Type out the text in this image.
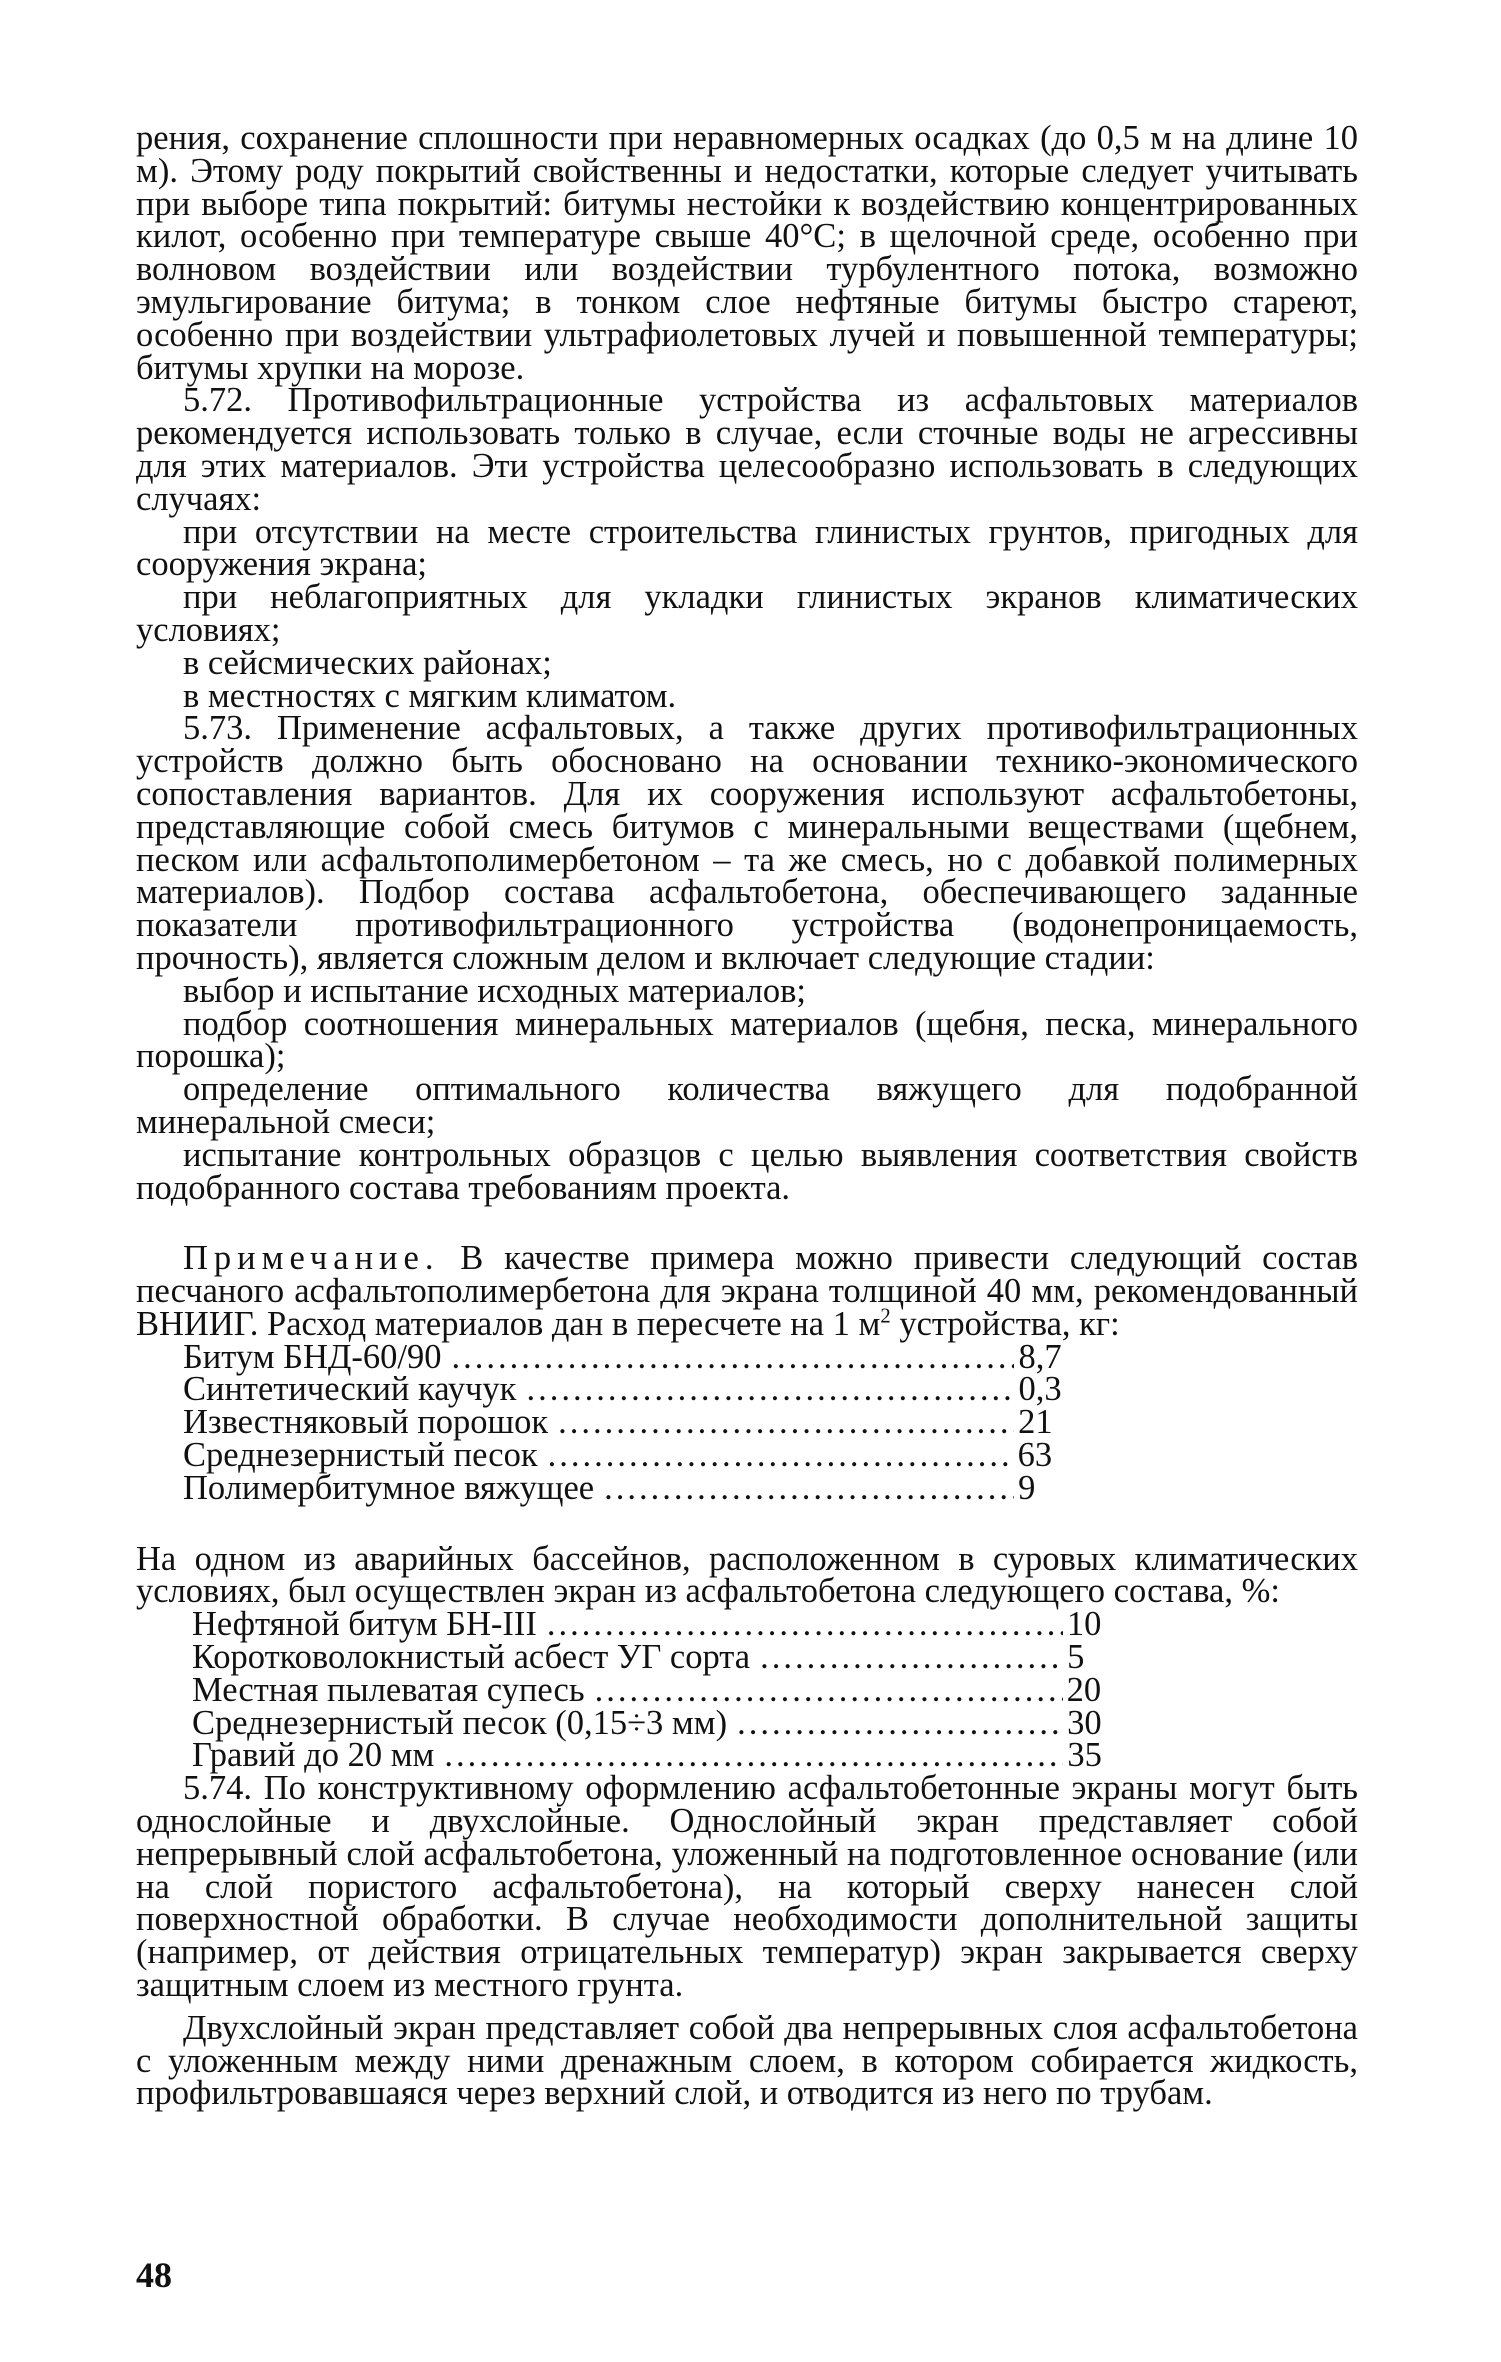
рения, сохранение сплошности при неравномерных осадках (до 0,5 м на длине 10 м). Этому роду покрытий свойственны и недостатки, которые следует учитывать при выборе типа покрытий: битумы нестойки к воздействию концентрированных килот, особенно при температуре свыше 40°С; в щелочной среде, особенно при волновом воздействии или воздействии турбулентного потока, возможно эмульгирование битума; в тонком слое нефтяные битумы быстро стареют, особенно при воздействии ультрафиолетовых лучей и повышенной температуры; битумы хрупки на морозе.

5.72. Противофильтрационные устройства из асфальтовых материалов рекомендуется использовать только в случае, если сточные воды не агрессивны для этих материалов. Эти устройства целесообразно использовать в следующих случаях:

при отсутствии на месте строительства глинистых грунтов, пригодных для сооружения экрана;

при неблагоприятных для укладки глинистых экранов климатических условиях;

в сейсмических районах;

в местностях с мягким климатом.

5.73. Применение асфальтовых, а также других противофильтрационных устройств должно быть обосновано на основании технико-экономического сопоставления вариантов. Для их сооружения используют асфальтобетоны, представляющие собой смесь битумов с минеральными веществами (щебнем, песком или асфальтополимербетоном – та же смесь, но с добавкой полимерных материалов). Подбор состава асфальтобетона, обеспечивающего заданные показатели противофильтрационного устройства (водонепроницаемость, прочность), является сложным делом и включает следующие стадии:

выбор и испытание исходных материалов;

подбор соотношения минеральных материалов (щебня, песка, минерального порошка);

определение оптимального количества вяжущего для подобранной минеральной смеси;

испытание контрольных образцов с целью выявления соответствия свойств подобранного состава требованиям проекта.

Примечание. В качестве примера можно привести следующий состав песчаного асфальтополимербетона для экрана толщиной 40 мм, рекомендованный ВНИИГ. Расход материалов дан в пересчете на 1 $м^2$ устройства, кг:

Битум БНД-60/90 .....	8,7
Синтетический каучук .....	0,3
Известняковый порошок .....	21
Среднезернистый песок .....	63
Полимербитумное вяжущее .....	9

На одном из аварийных бассейнов, расположенном в суровых климатических условиях, был осуществлен экран из асфальтобетона следующего состава, %:

Нефтяной битум БН-III .....	10
Коротковолокнистый асбест УГ сорта .....	5
Местная пылеватая супесь .....	20
Среднезернистый песок (0,15÷3 мм) .....	30
Гравий до 20 мм .....	35

5.74. По конструктивному оформлению асфальтобетонные экраны могут быть однослойные и двухслойные. Однослойный экран представляет собой непрерывный слой асфальтобетона, уложенный на подготовленное основание (или на слой пористого асфальтобетона), на который сверху нанесен слой поверхностной обработки. В случае необходимости дополнительной защиты (например, от действия отрицательных температур) экран закрывается сверху защитным слоем из местного грунта.

Двухслойный экран представляет собой два непрерывных слоя асфальтобетона с уложенным между ними дренажным слоем, в котором собирается жидкость, профильтровавшаяся через верхний слой, и отводится из него по трубам.

48
